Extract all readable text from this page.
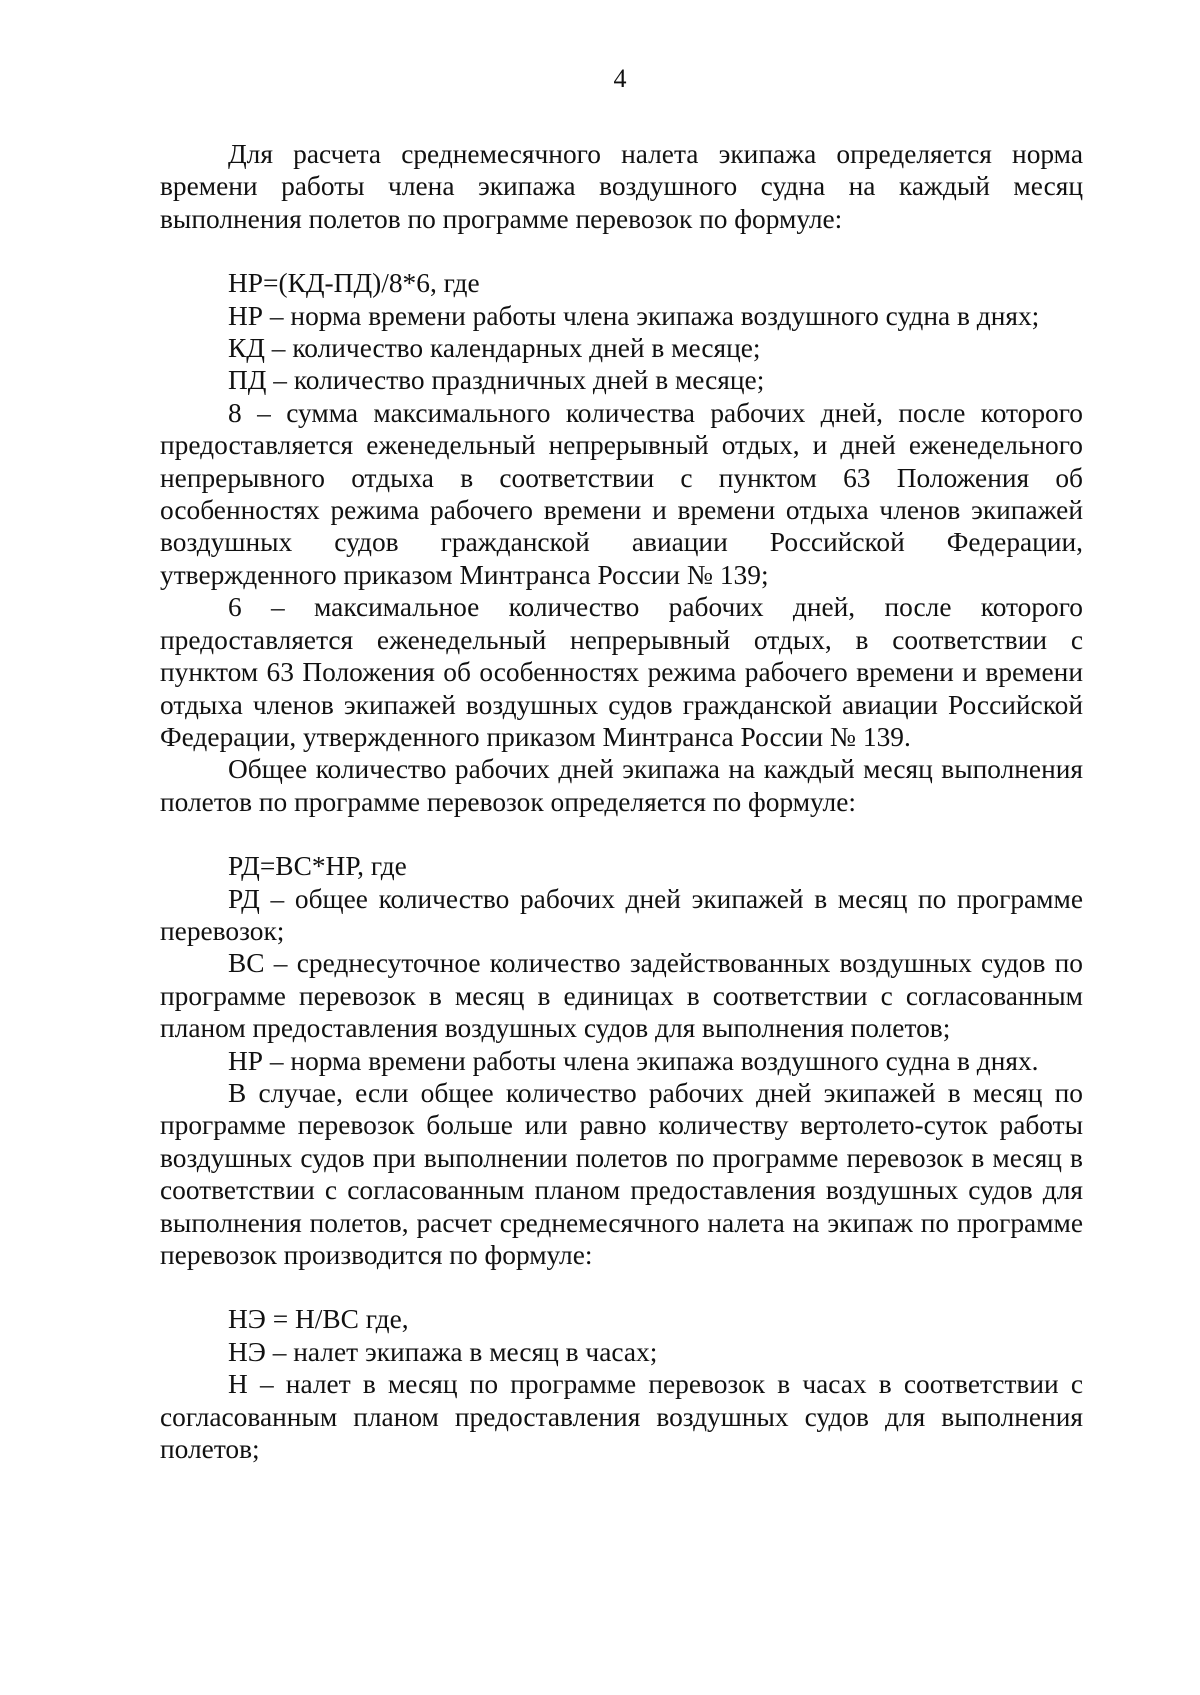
4

Для расчета среднемесячного налета экипажа определяется норма времени работы члена экипажа воздушного судна на каждый месяц выполнения полетов по программе перевозок по формуле:

НР=(КД-ПД)/8*6, где

НР – норма времени работы члена экипажа воздушного судна в днях;

КД – количество календарных дней в месяце;

ПД – количество праздничных дней в месяце;

8 – сумма максимального количества рабочих дней, после которого предоставляется еженедельный непрерывный отдых, и дней еженедельного непрерывного отдыха в соответствии с пунктом 63 Положения об особенностях режима рабочего времени и времени отдыха членов экипажей воздушных судов гражданской авиации Российской Федерации, утвержденного приказом Минтранса России № 139;

6 – максимальное количество рабочих дней, после которого предоставляется еженедельный непрерывный отдых, в соответствии с пунктом 63 Положения об особенностях режима рабочего времени и времени отдыха членов экипажей воздушных судов гражданской авиации Российской Федерации, утвержденного приказом Минтранса России № 139.

Общее количество рабочих дней экипажа на каждый месяц выполнения полетов по программе перевозок определяется по формуле:

РД=ВС*НР, где

РД – общее количество рабочих дней экипажей в месяц по программе перевозок;

ВС – среднесуточное количество задействованных воздушных судов по программе перевозок в месяц в единицах в соответствии с согласованным планом предоставления воздушных судов для выполнения полетов;

НР – норма времени работы члена экипажа воздушного судна в днях.

В случае, если общее количество рабочих дней экипажей в месяц по программе перевозок больше или равно количеству вертолето-суток работы воздушных судов при выполнении полетов по программе перевозок в месяц в соответствии с согласованным планом предоставления воздушных судов для выполнения полетов, расчет среднемесячного налета на экипаж по программе перевозок производится по формуле:

НЭ = Н/ВС где,

НЭ – налет экипажа в месяц в часах;

Н – налет в месяц по программе перевозок в часах в соответствии с согласованным планом предоставления воздушных судов для выполнения полетов;
